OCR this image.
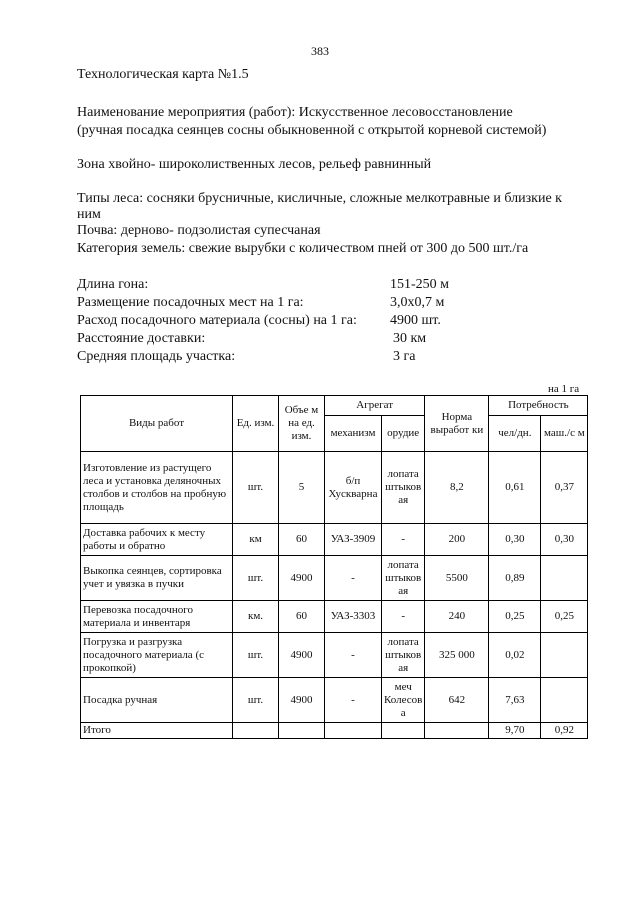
383
Технологическая карта №1.5
Наименование мероприятия (работ): Искусственное лесовосстановление
(ручная посадка сеянцев сосны обыкновенной с открытой корневой системой)
Зона хвойно- широколиственных лесов, рельеф равнинный
Типы леса: сосняки брусничные, кисличные, сложные мелкотравные и близкие к
ним
Почва: дерново- подзолистая супесчаная
Категория земель: свежие вырубки с количеством пней от 300 до 500 шт./га
Длина гона:	151-250 м
Размещение посадочных мест на 1 га:	3,0х0,7 м
Расход посадочного материала (сосны) на 1 га:	4900 шт.
Расстояние доставки:	30 км
Средняя площадь участка:	3 га
на 1 га
Виды работ	Ед. изм.	Объе м на ед. изм.	Агрегат		Норма выработ ки	Потребность	
			механизм	орудие		чел/дн.	маш./с м
Изготовление из растущего леса и установка деляночных столбов и столбов на пробную площадь	шт.	5	б/п Хускварна	лопата штыков ая	8,2	0,61	0,37
Доставка рабочих к месту работы и обратно	км	60	УАЗ-3909	-	200	0,30	0,30
Выкопка сеянцев, сортировка учет и увязка в пучки	шт.	4900	-	лопата штыков ая	5500	0,89	
Перевозка посадочного материала и инвентаря	км.	60	УАЗ-3303	-	240	0,25	0,25
Погрузка и разгрузка посадочного материала (с прокопкой)	шт.	4900	-	лопата штыков ая	325 000	0,02	
Посадка ручная	шт.	4900	-	меч Колесов а	642	7,63	
Итого						9,70	0,92
